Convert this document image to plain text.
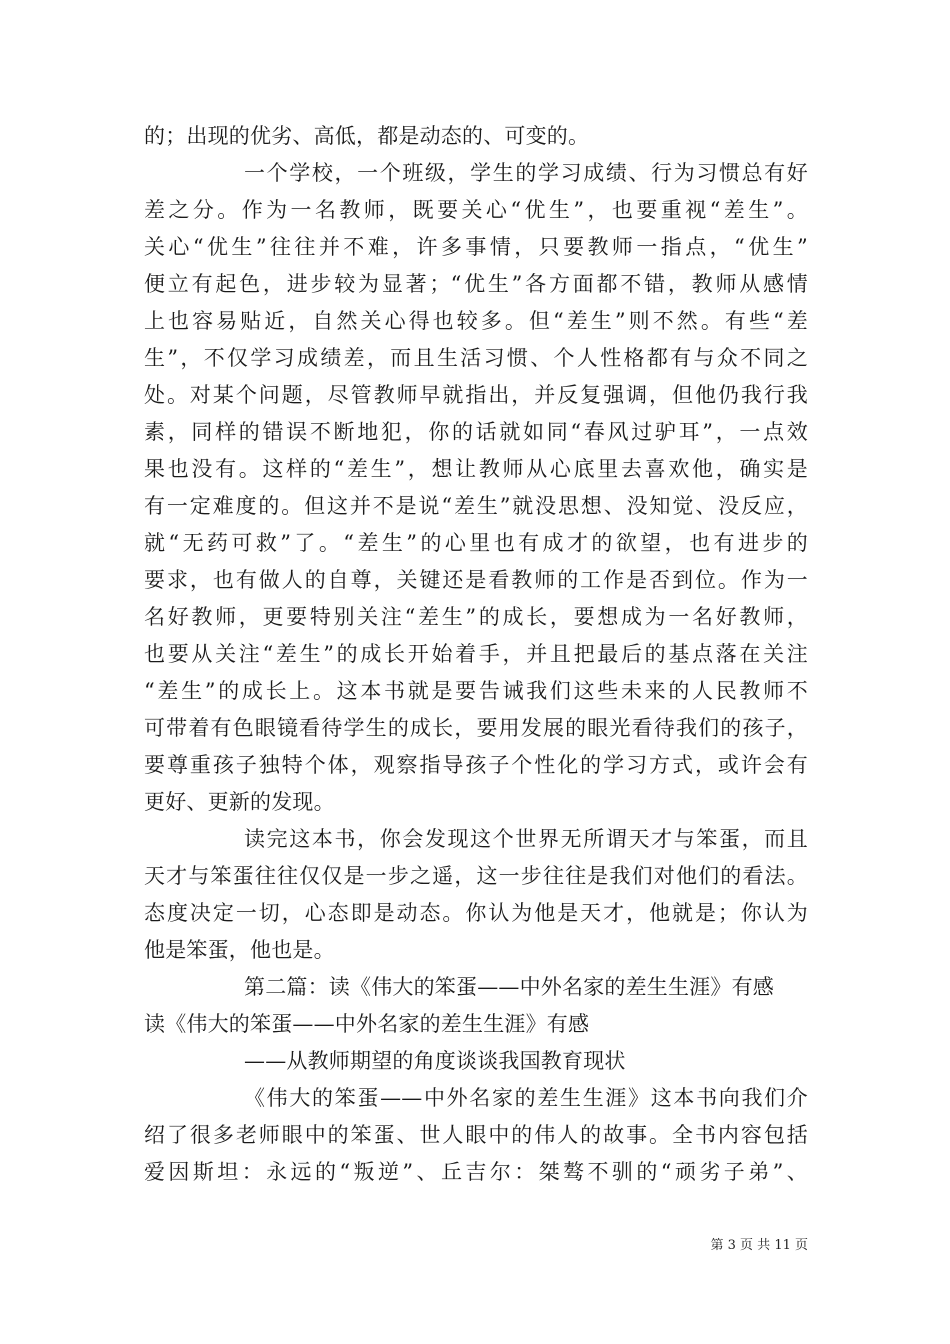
的；出现的优劣、高低，都是动态的、可变的。
一个学校，一个班级，学生的学习成绩、行为习惯总有好
差之分。作为一名教师，既要关心“优生”，也要重视“差生”。
关心“优生”往往并不难，许多事情，只要教师一指点，“优生”
便立有起色，进步较为显著；“优生”各方面都不错，教师从感情
上也容易贴近，自然关心得也较多。但“差生”则不然。有些“差
生”，不仅学习成绩差，而且生活习惯、个人性格都有与众不同之
处。对某个问题，尽管教师早就指出，并反复强调，但他仍我行我
素，同样的错误不断地犯，你的话就如同“春风过驴耳”，一点效
果也没有。这样的“差生”，想让教师从心底里去喜欢他，确实是
有一定难度的。但这并不是说“差生”就没思想、没知觉、没反应，
就“无药可救”了。“差生”的心里也有成才的欲望，也有进步的
要求，也有做人的自尊，关键还是看教师的工作是否到位。作为一
名好教师，更要特别关注“差生”的成长，要想成为一名好教师，
也要从关注“差生”的成长开始着手，并且把最后的基点落在关注
“差生”的成长上。这本书就是要告诫我们这些未来的人民教师不
可带着有色眼镜看待学生的成长，要用发展的眼光看待我们的孩子，
要尊重孩子独特个体，观察指导孩子个性化的学习方式，或许会有
更好、更新的发现。
读完这本书，你会发现这个世界无所谓天才与笨蛋，而且
天才与笨蛋往往仅仅是一步之遥，这一步往往是我们对他们的看法。
态度决定一切，心态即是动态。你认为他是天才，他就是；你认为
他是笨蛋，他也是。
第二篇：读《伟大的笨蛋——中外名家的差生生涯》有感
读《伟大的笨蛋——中外名家的差生生涯》有感
——从教师期望的角度谈谈我国教育现状
《伟大的笨蛋——中外名家的差生生涯》这本书向我们介
绍了很多老师眼中的笨蛋、世人眼中的伟人的故事。全书内容包括
爱因斯坦：永远的“叛逆”、丘吉尔：桀骜不驯的“顽劣子弟”、
第 3 页 共 11 页
